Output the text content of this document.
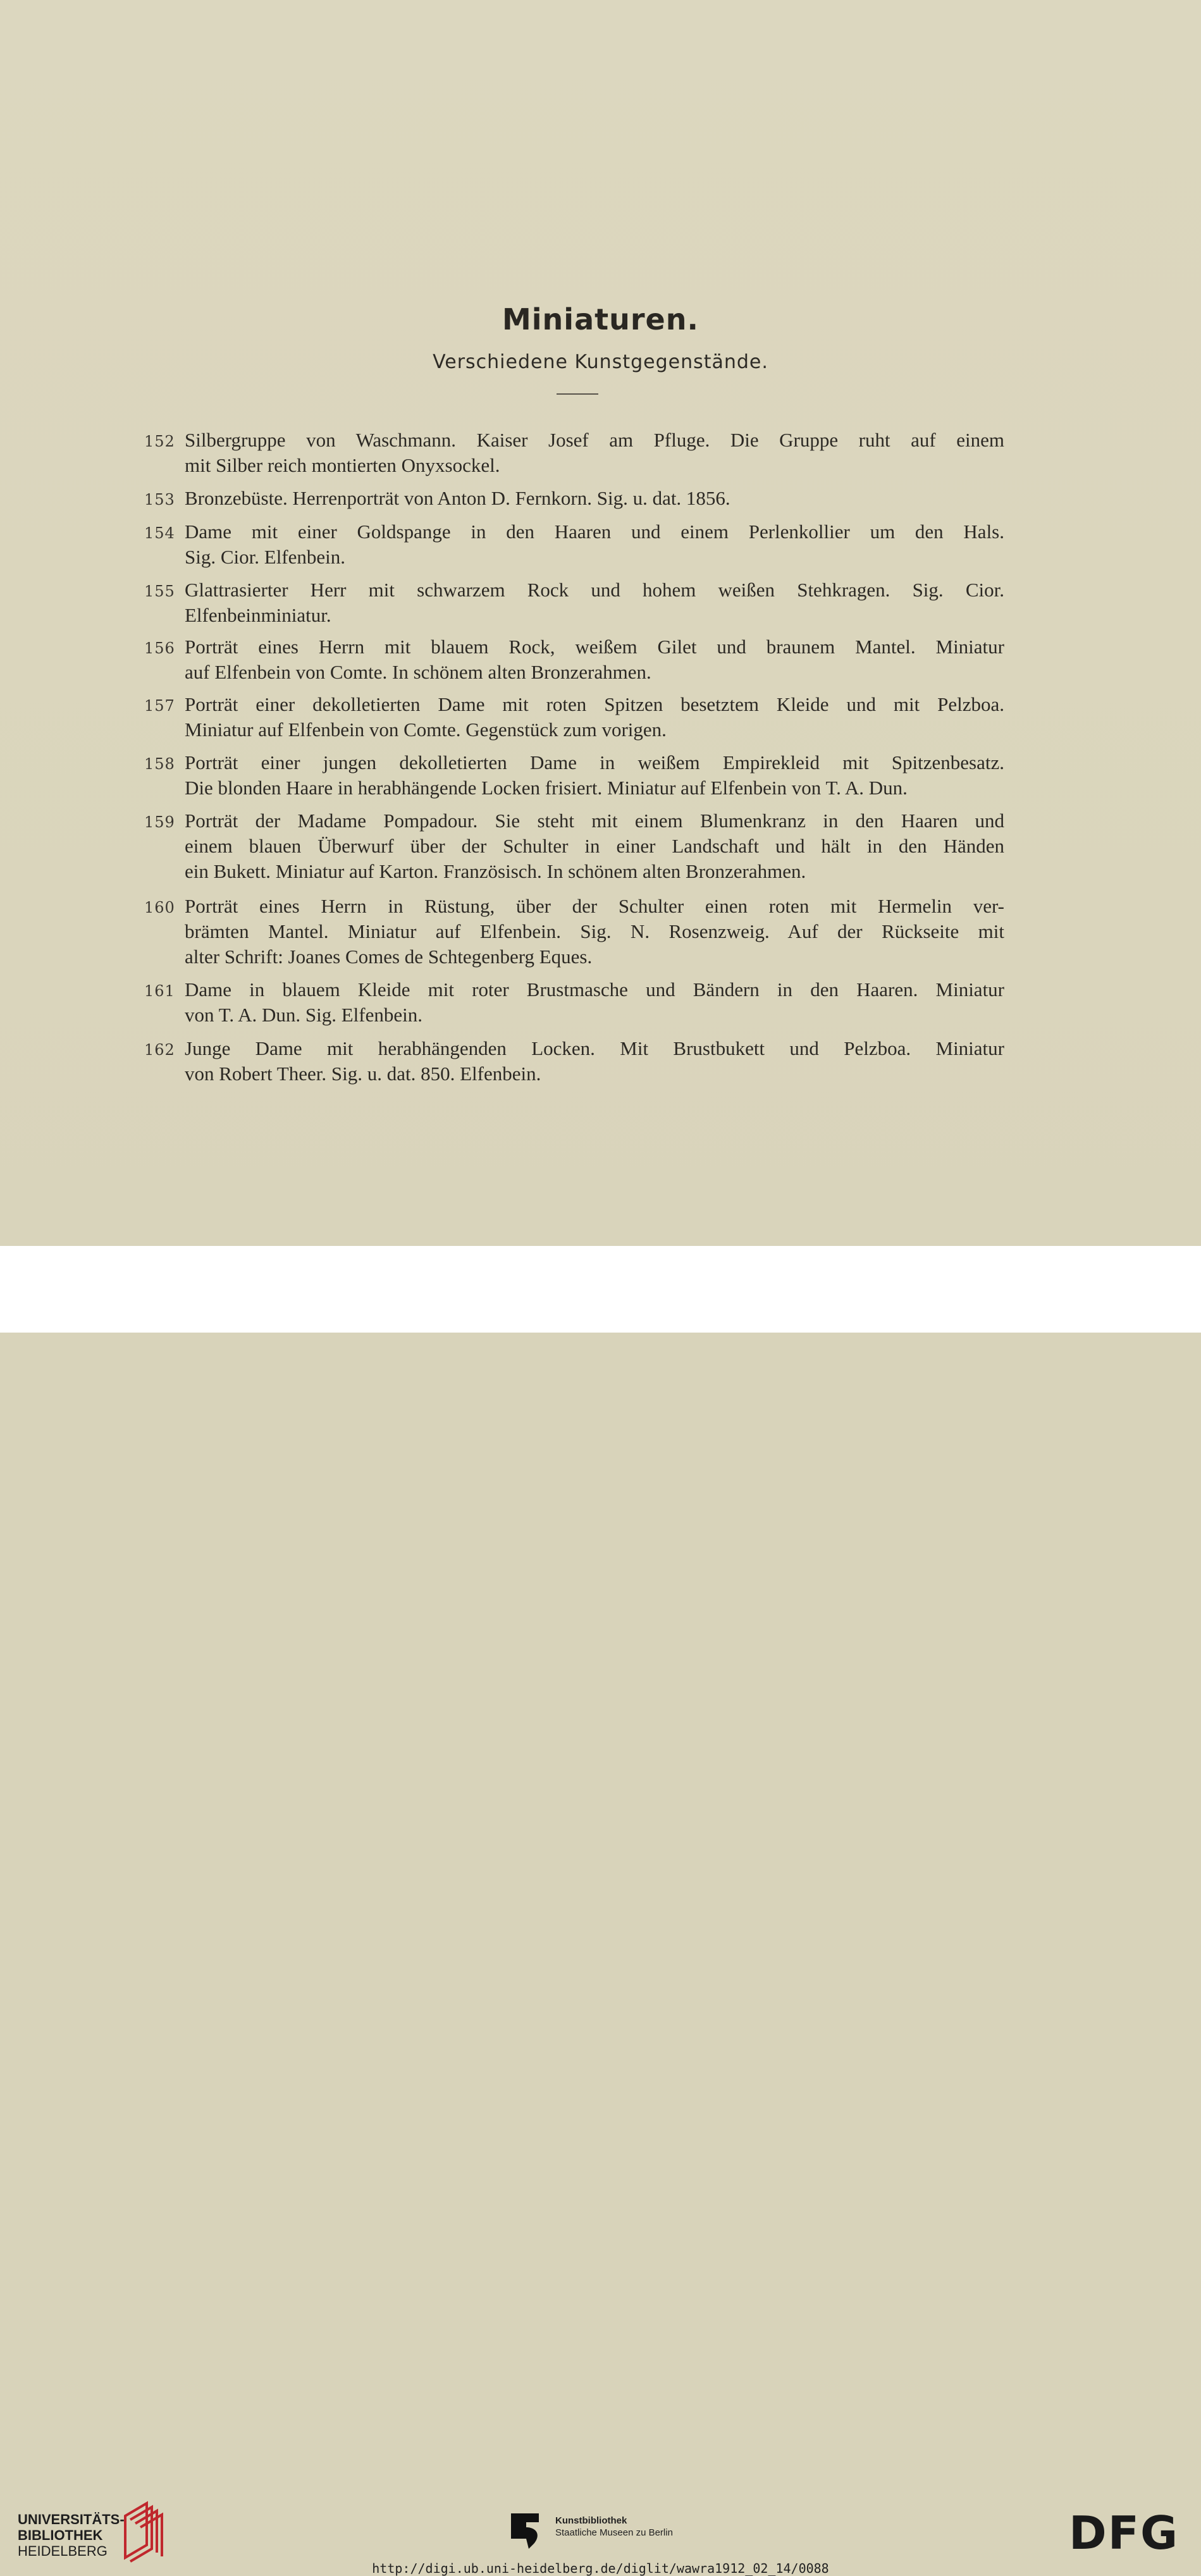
Miniaturen.
Verschiedene Kunstgegenstände.
152 Silbergruppe von Waschmann. Kaiser Josef am Pfluge. Die Gruppe ruht auf einem
mit Silber reich montierten Onyxsockel.
153 Bronzebüste. Herrenporträt von Anton D. Fernkorn. Sig. u. dat. 1856.
154 Dame mit einer Goldspange in den Haaren und einem Perlenkollier um den Hals.
Sig. Cior. Elfenbein.
155 Glattrasierter Herr mit schwarzem Rock und hohem weißen Stehkragen. Sig. Cior.
Elfenbeinminiatur.
156 Porträt eines Herrn mit blauem Rock, weißem Gilet und braunem Mantel. Miniatur
auf Elfenbein von Comte. In schönem alten Bronzerahmen.
157 Porträt einer dekolletierten Dame mit roten Spitzen besetztem Kleide und mit Pelzboa.
Miniatur auf Elfenbein von Comte. Gegenstück zum vorigen.
158 Porträt einer jungen dekolletierten Dame in weißem Empirekleid mit Spitzenbesatz.
Die blonden Haare in herabhängende Locken frisiert. Miniatur auf Elfenbein von T. A. Dun.
159 Porträt der Madame Pompadour. Sie steht mit einem Blumenkranz in den Haaren und
einem blauen Überwurf über der Schulter in einer Landschaft und hält in den Händen
ein Bukett. Miniatur auf Karton. Französisch. In schönem alten Bronzerahmen.
160 Porträt eines Herrn in Rüstung, über der Schulter einen roten mit Hermelin ver-
brämten Mantel. Miniatur auf Elfenbein. Sig. N. Rosenzweig. Auf der Rückseite mit
alter Schrift: Joanes Comes de Schtegenberg Eques.
161 Dame in blauem Kleide mit roter Brustmasche und Bändern in den Haaren. Miniatur
von T. A. Dun. Sig. Elfenbein.
162 Junge Dame mit herabhängenden Locken. Mit Brustbukett und Pelzboa. Miniatur
von Robert Theer. Sig. u. dat. 850. Elfenbein.
UNIVERSITÄTS-
BIBLIOTHEK
HEIDELBERG
Kunstbibliothek
Staatliche Museen zu Berlin	DFG
http://digi.ub.uni-heidelberg.de/diglit/wawra1912_02_14/0088
